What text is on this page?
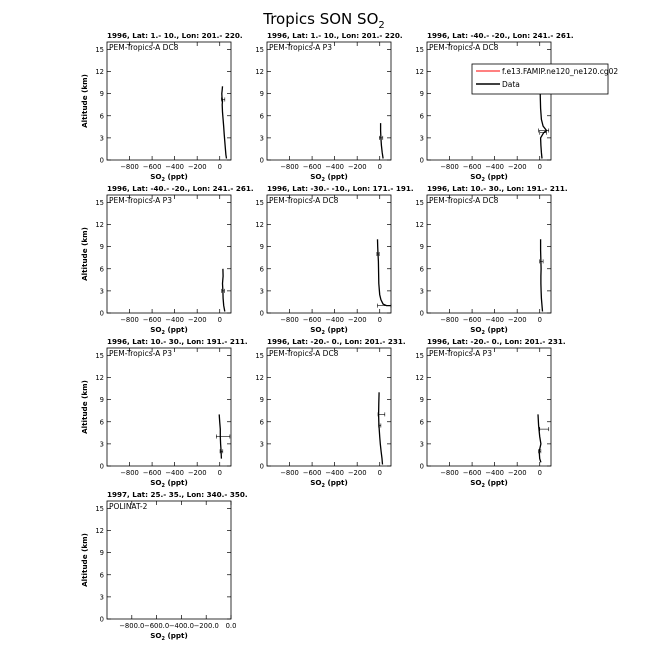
Tropics SON $SO_2$
1996, Lat: 1.- 10., Lon: 201.- 220.
PEM-Tropics-A DC8
−800 −600 −400 −200 0
0
3
6
9
12
15
$SO_2$ (ppt)
Altitude (km)
1996, Lat: 1.- 10., Lon: 201.- 220.
PEM-Tropics-A P3
−800 −600 −400 −200 0
0
3
6
9
12
15
$SO_2$ (ppt)
1996, Lat: -40.- -20., Lon: 241.- 261.
PEM-Tropics-A DC8
−800 −600 −400 −200 0
0
3
6
9
12
15
$SO_2$ (ppt)
1996, Lat: -40.- -20., Lon: 241.- 261.
PEM-Tropics-A P3
−800 −600 −400 −200 0
0
3
6
9
12
15
$SO_2$ (ppt)
Altitude (km)
1996, Lat: -30.- -10., Lon: 171.- 191.
PEM-Tropics-A DC8
−800 −600 −400 −200 0
0
3
6
9
12
15
$SO_2$ (ppt)
1996, Lat: 10.- 30., Lon: 191.- 211.
PEM-Tropics-A DC8
−800 −600 −400 −200 0
0
3
6
9
12
15
$SO_2$ (ppt)
1996, Lat: 10.- 30., Lon: 191.- 211.
PEM-Tropics-A P3
−800 −600 −400 −200 0
0
3
6
9
12
15
$SO_2$ (ppt)
Altitude (km)
1996, Lat: -20.- 0., Lon: 201.- 231.
PEM-Tropics-A DC8
−800 −600 −400 −200 0
0
3
6
9
12
15
$SO_2$ (ppt)
1996, Lat: -20.- 0., Lon: 201.- 231.
PEM-Tropics-A P3
−800 −600 −400 −200 0
0
3
6
9
12
15
$SO_2$ (ppt)
1997, Lat: 25.- 35., Lon: 340.- 350.
POLINAT-2
−800.0 −600.0 −400.0 −200.0 0.0
0
3
6
9
12
15
$SO_2$ (ppt)
Altitude (km)
f.e13.FAMIP.ne120_ne120.cg02
Data
